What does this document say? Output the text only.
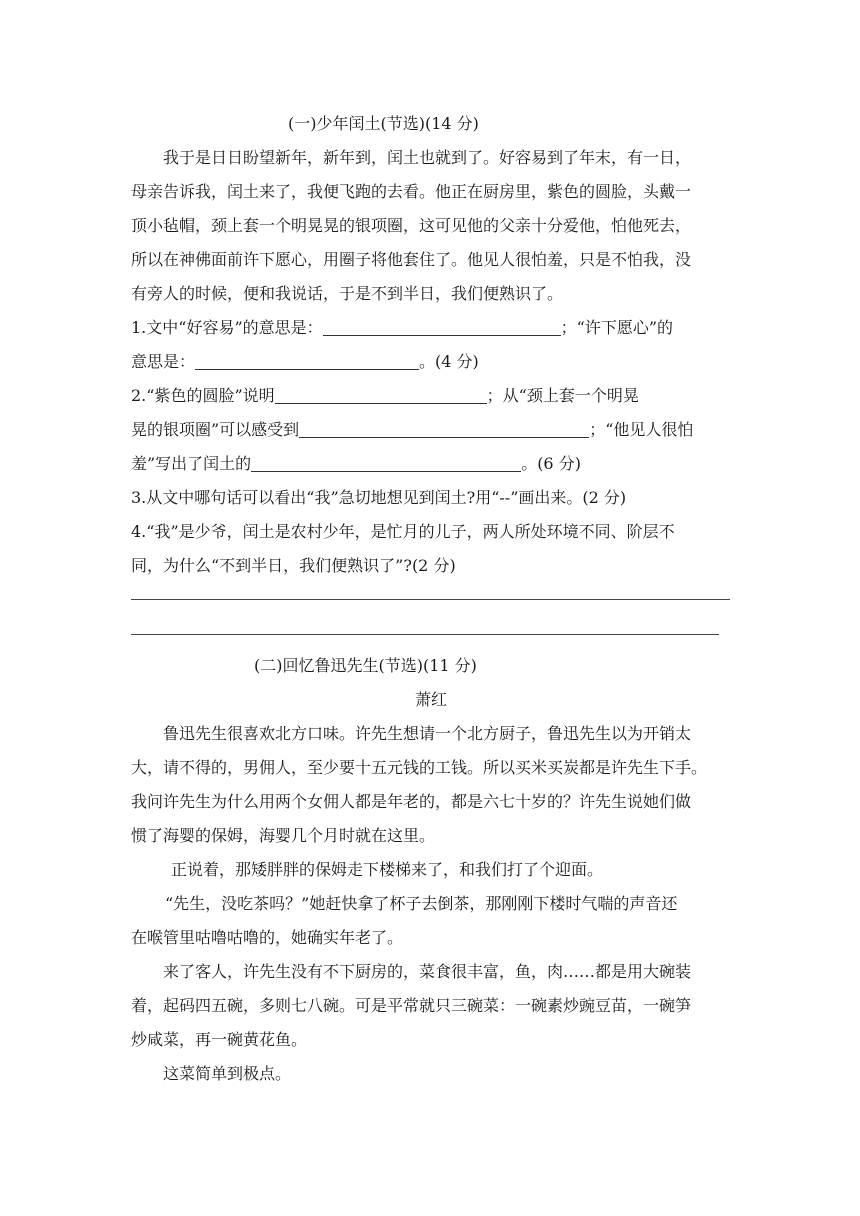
(一)少年闰土(节选)(14 分)

我于是日日盼望新年，新年到，闰土也就到了。好容易到了年末，有一日，

母亲告诉我，闰土来了，我便飞跑的去看。他正在厨房里，紫色的圆脸，头戴一

顶小毡帽，颈上套一个明晃晃的银项圈，这可见他的父亲十分爱他，怕他死去，

所以在神佛面前许下愿心，用圈子将他套住了。他见人很怕羞，只是不怕我，没

有旁人的时候，便和我说话，于是不到半日，我们便熟识了。

1.文中“好容易”的意思是：	；“许下愿心”的

意思是：	。(4 分)

2.“紫色的圆脸”说明	；从“颈上套一个明晃

晃的银项圈”可以感受到	；“他见人很怕

羞”写出了闰土的	。(6 分)

3.从文中哪句话可以看出“我”急切地想见到闰土?用“--”画出来。(2 分)

4.“我”是少爷，闰土是农村少年，是忙月的儿子，两人所处环境不同、阶层不

同，为什么“不到半日，我们便熟识了”?(2 分)

(二)回忆鲁迅先生(节选)(11 分)

萧红

鲁迅先生很喜欢北方口味。许先生想请一个北方厨子，鲁迅先生以为开销太

大，请不得的，男佣人，至少要十五元钱的工钱。所以买米买炭都是许先生下手。

我问许先生为什么用两个女佣人都是年老的，都是六七十岁的？许先生说她们做

惯了海婴的保姆，海婴几个月时就在这里。

正说着，那矮胖胖的保姆走下楼梯来了，和我们打了个迎面。

“先生，没吃茶吗？”她赶快拿了杯子去倒茶，那刚刚下楼时气喘的声音还

在喉管里咕噜咕噜的，她确实年老了。

来了客人，许先生没有不下厨房的，菜食很丰富，鱼，肉……都是用大碗装

着，起码四五碗，多则七八碗。可是平常就只三碗菜：一碗素炒豌豆苗，一碗笋

炒咸菜，再一碗黄花鱼。

这菜简单到极点。
